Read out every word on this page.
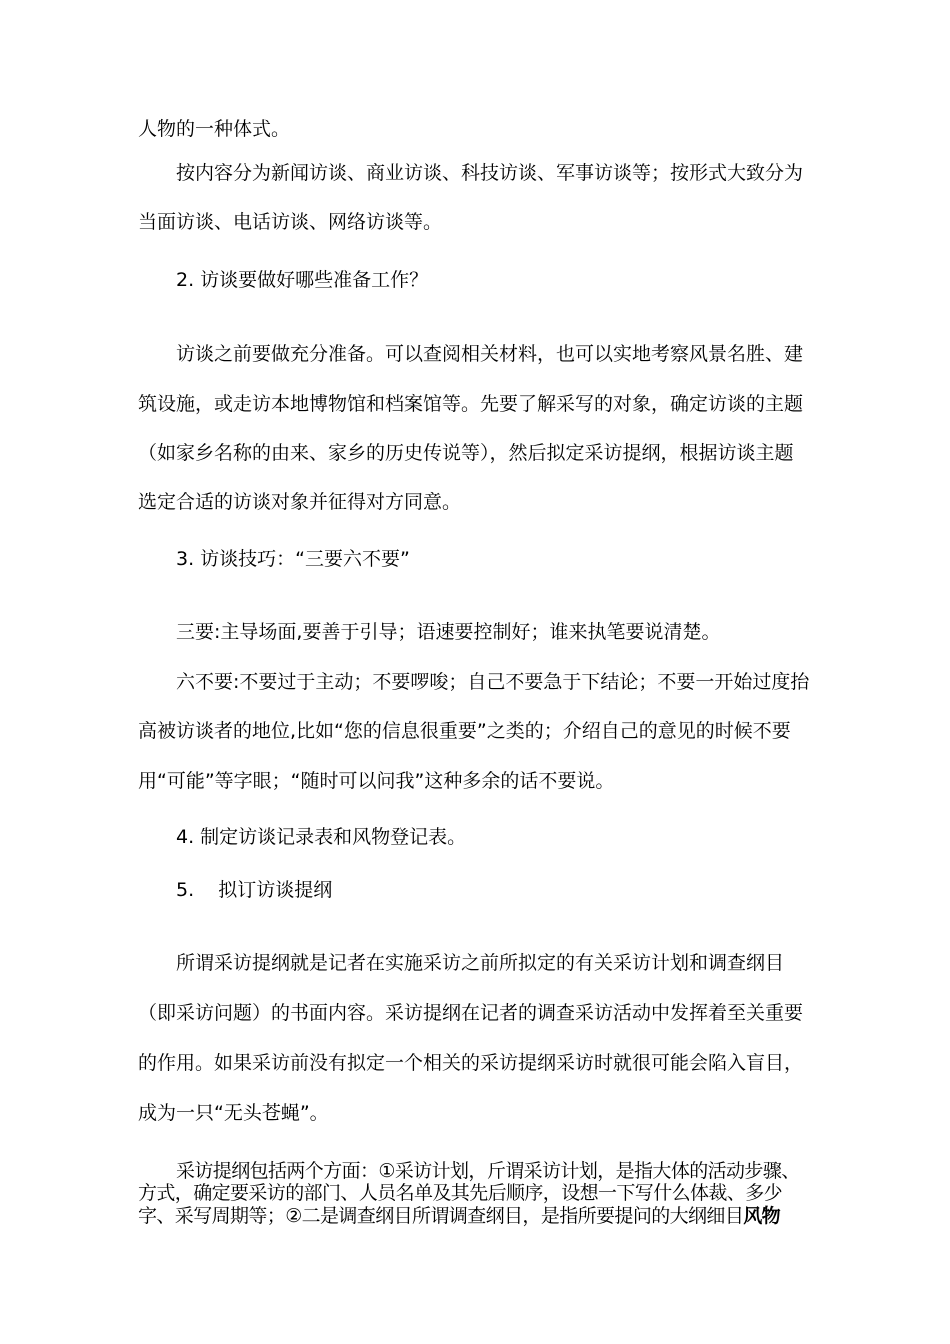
人物的一种体式。

按内容分为新闻访谈、商业访谈、科技访谈、军事访谈等；按形式大致分为

当面访谈、电话访谈、网络访谈等。

2. 访谈要做好哪些准备工作？

访谈之前要做充分准备。可以查阅相关材料，也可以实地考察风景名胜、建

筑设施，或走访本地博物馆和档案馆等。先要了解采写的对象，确定访谈的主题

（如家乡名称的由来、家乡的历史传说等），然后拟定采访提纲，根据访谈主题

选定合适的访谈对象并征得对方同意。

3. 访谈技巧：“三要六不要”

三要:主导场面,要善于引导；语速要控制好；谁来执笔要说清楚。

六不要:不要过于主动；不要啰唆；自己不要急于下结论；不要一开始过度抬

高被访谈者的地位,比如“您的信息很重要”之类的；介绍自己的意见的时候不要

用“可能”等字眼；“随时可以问我”这种多余的话不要说。

4. 制定访谈记录表和风物登记表。

5.    拟订访谈提纲

所谓采访提纲就是记者在实施采访之前所拟定的有关采访计划和调查纲目

（即采访问题）的书面内容。采访提纲在记者的调查采访活动中发挥着至关重要

的作用。如果采访前没有拟定一个相关的采访提纲采访时就很可能会陷入盲目，

成为一只“无头苍蝇”。

采访提纲包括两个方面：①采访计划，斤谓采访计划，是指大体的活动步骤、

方式，确定要采访的部门、人员名单及其先后顺序，设想一下写什么体裁、多少

字、采写周期等；②二是调查纲目所谓调查纲目，是指所要提问的大纲细目风物
